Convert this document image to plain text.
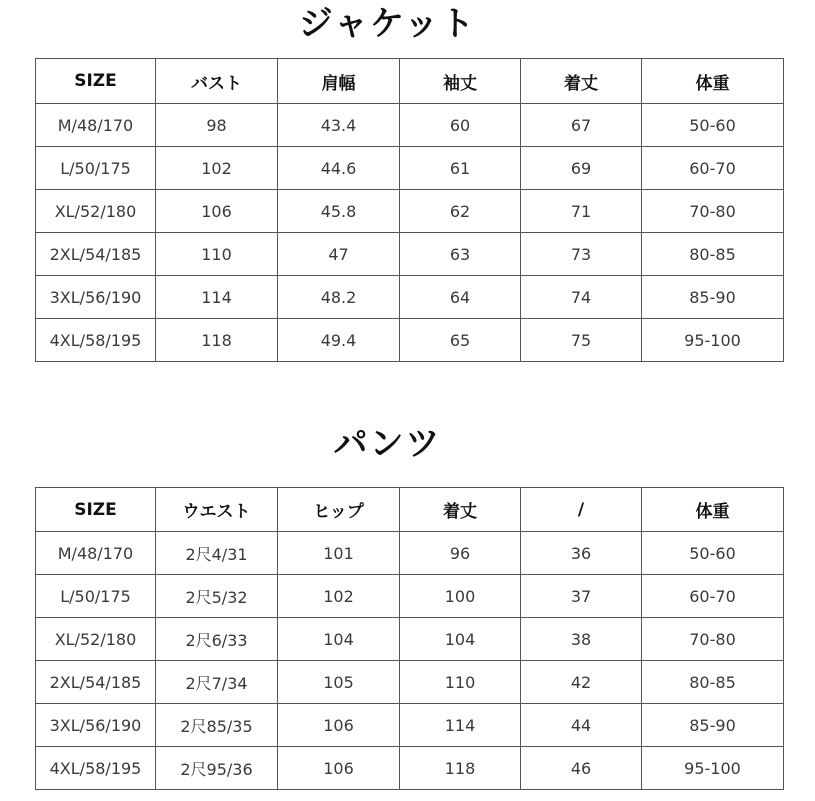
ジャケット
SIZE	バスト	肩幅	袖丈	着丈	体重
M/48/170	98	43.4	60	67	50-60
L/50/175	102	44.6	61	69	60-70
XL/52/180	106	45.8	62	71	70-80
2XL/54/185	110	47	63	73	80-85
3XL/56/190	114	48.2	64	74	85-90
4XL/58/195	118	49.4	65	75	95-100
パンツ
SIZE	ウエスト	ヒップ	着丈	/	体重
M/48/170	2尺4/31	101	96	36	50-60
L/50/175	2尺5/32	102	100	37	60-70
XL/52/180	2尺6/33	104	104	38	70-80
2XL/54/185	2尺7/34	105	110	42	80-85
3XL/56/190	2尺85/35	106	114	44	85-90
4XL/58/195	2尺95/36	106	118	46	95-100
